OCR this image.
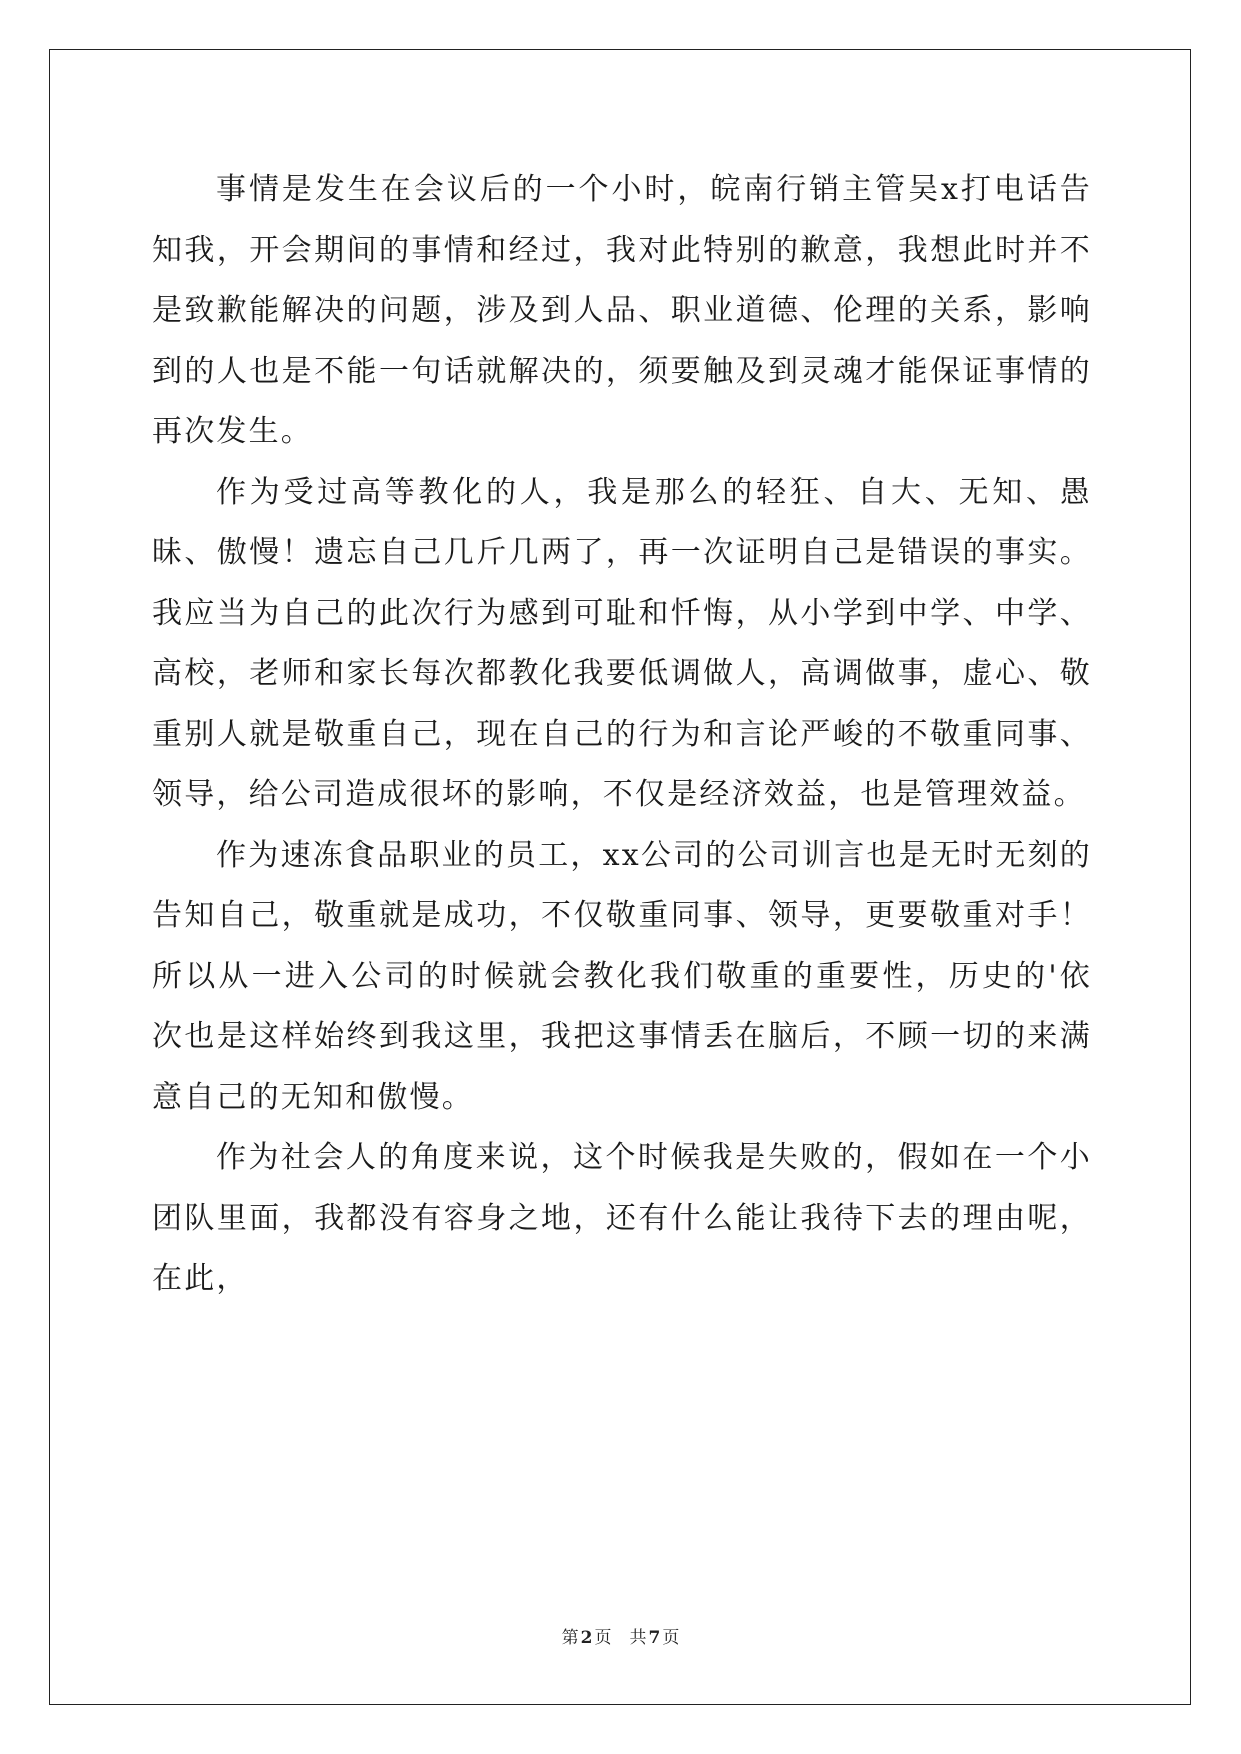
事情是发生在会议后的一个小时，皖南行销主管吴x打电话告知我，开会期间的事情和经过，我对此特别的歉意，我想此时并不是致歉能解决的问题，涉及到人品、职业道德、伦理的关系，影响到的人也是不能一句话就解决的，须要触及到灵魂才能保证事情的再次发生。

作为受过高等教化的人，我是那么的轻狂、自大、无知、愚昧、傲慢！遗忘自己几斤几两了，再一次证明自己是错误的事实。我应当为自己的此次行为感到可耻和忏悔，从小学到中学、中学、高校，老师和家长每次都教化我要低调做人，高调做事，虚心、敬重别人就是敬重自己，现在自己的行为和言论严峻的不敬重同事、领导，给公司造成很坏的影响，不仅是经济效益，也是管理效益。

作为速冻食品职业的员工，xx公司的公司训言也是无时无刻的告知自己，敬重就是成功，不仅敬重同事、领导，更要敬重对手！所以从一进入公司的时候就会教化我们敬重的重要性，历史的'依次也是这样始终到我这里，我把这事情丢在脑后，不顾一切的来满意自己的无知和傲慢。

作为社会人的角度来说，这个时候我是失败的，假如在一个小团队里面，我都没有容身之地，还有什么能让我待下去的理由呢，在此，

第 2 页 共 7 页
